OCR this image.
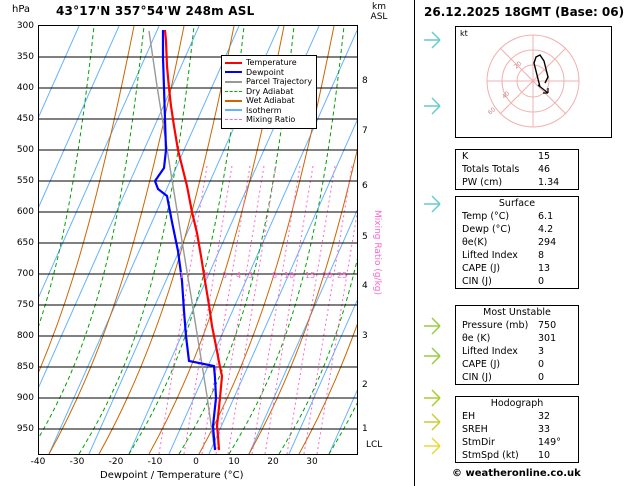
hPa 43°17'N 357°54'W 248m ASL	km
ASL
Temperature
Dewpoint
Parcel Trajectory
Dry Adiabat
Wet Adiabat
Isotherm
Mixing Ratio
1 2 3 4 5 8 10 15 20 25
300
350
400
450
500
550
600
650
700
750
800
850
900
950
8
7
6
5
4
3
2
1
LCL
-40	-30	-20	-10	0	10	20	30
Dewpoint / Temperature (°C)
Mixing Ratio (g/kg)
26.12.2025 18GMT (Base: 06)
kt
20
40
60
K	15
Totals Totals 46
PW (cm)	1.34
Surface
Temp (°C)	6.1
Dewp (°C)	4.2
θe(K)	294
Lifted Index 8
CAPE (J)	13
CIN (J)	0
Most Unstable
Pressure (mb) 750
θe (K)	301
Lifted Index 3
CAPE (J)	0
CIN (J)	0
Hodograph
EH	32
SREH	33
StmDir	149°
StmSpd (kt) 10
© weatheronline.co.uk
